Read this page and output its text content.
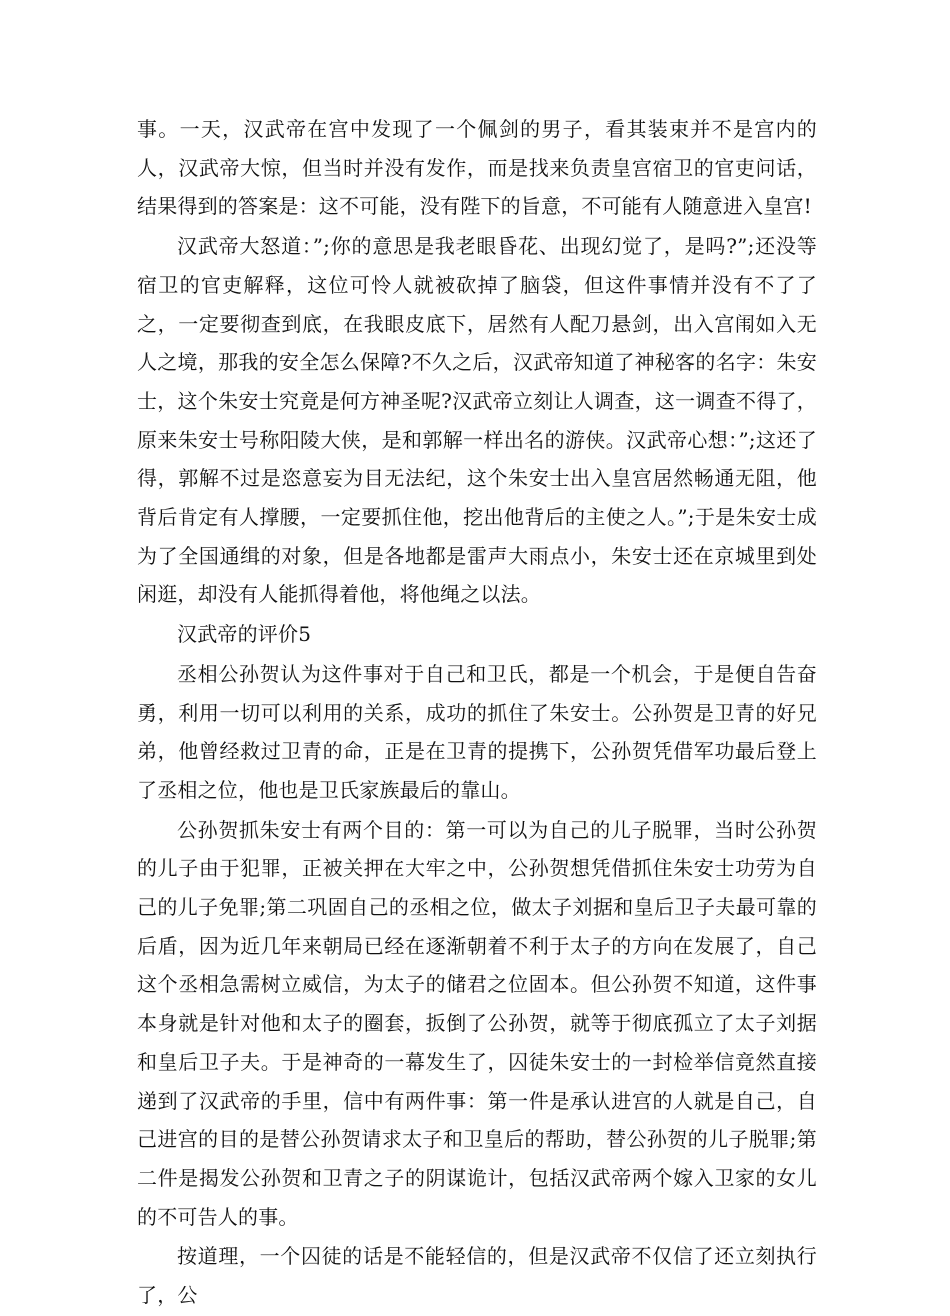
事。一天，汉武帝在宫中发现了一个佩剑的男子，看其装束并不是宫内的人，汉武帝大惊，但当时并没有发作，而是找来负责皇宫宿卫的官吏问话，结果得到的答案是：这不可能，没有陛下的旨意，不可能有人随意进入皇宫!

汉武帝大怒道：”;你的意思是我老眼昏花、出现幻觉了，是吗?”;还没等宿卫的官吏解释，这位可怜人就被砍掉了脑袋，但这件事情并没有不了了之，一定要彻查到底，在我眼皮底下，居然有人配刀悬剑，出入宫闱如入无人之境，那我的安全怎么保障?不久之后，汉武帝知道了神秘客的名字：朱安士，这个朱安士究竟是何方神圣呢?汉武帝立刻让人调查，这一调查不得了，原来朱安士号称阳陵大侠，是和郭解一样出名的游侠。汉武帝心想：”;这还了得，郭解不过是恣意妄为目无法纪，这个朱安士出入皇宫居然畅通无阻，他背后肯定有人撑腰，一定要抓住他，挖出他背后的主使之人。”;于是朱安士成为了全国通缉的对象，但是各地都是雷声大雨点小，朱安士还在京城里到处闲逛，却没有人能抓得着他，将他绳之以法。

汉武帝的评价5

丞相公孙贺认为这件事对于自己和卫氏，都是一个机会，于是便自告奋勇，利用一切可以利用的关系，成功的抓住了朱安士。公孙贺是卫青的好兄弟，他曾经救过卫青的命，正是在卫青的提携下，公孙贺凭借军功最后登上了丞相之位，他也是卫氏家族最后的靠山。

公孙贺抓朱安士有两个目的：第一可以为自己的儿子脱罪，当时公孙贺的儿子由于犯罪，正被关押在大牢之中，公孙贺想凭借抓住朱安士功劳为自己的儿子免罪;第二巩固自己的丞相之位，做太子刘据和皇后卫子夫最可靠的后盾，因为近几年来朝局已经在逐渐朝着不利于太子的方向在发展了，自己这个丞相急需树立威信，为太子的储君之位固本。但公孙贺不知道，这件事本身就是针对他和太子的圈套，扳倒了公孙贺，就等于彻底孤立了太子刘据和皇后卫子夫。于是神奇的一幕发生了，囚徒朱安士的一封检举信竟然直接递到了汉武帝的手里，信中有两件事：第一件是承认进宫的人就是自己，自己进宫的目的是替公孙贺请求太子和卫皇后的帮助，替公孙贺的儿子脱罪;第二件是揭发公孙贺和卫青之子的阴谋诡计，包括汉武帝两个嫁入卫家的女儿的不可告人的事。

按道理，一个囚徒的话是不能轻信的，但是汉武帝不仅信了还立刻执行了，公
